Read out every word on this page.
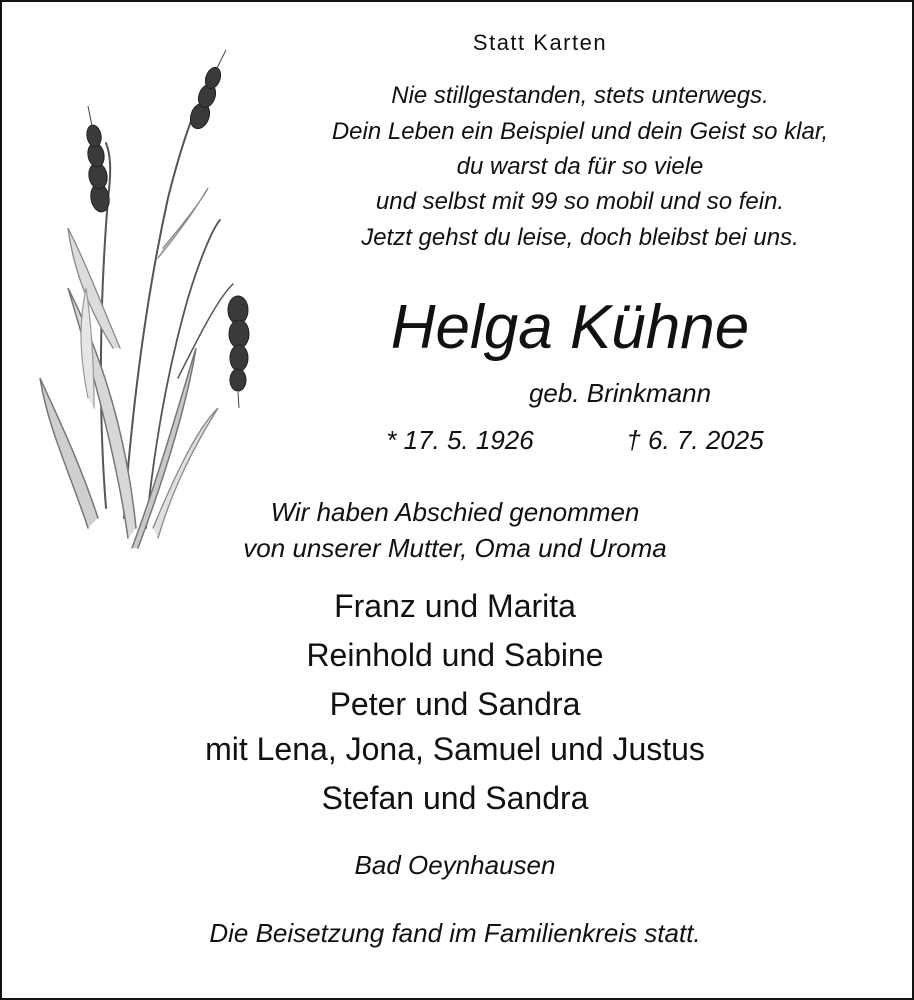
Statt Karten
Nie stillgestanden, stets unterwegs.
Dein Leben ein Beispiel und dein Geist so klar,
du warst da für so viele
und selbst mit 99 so mobil und so fein.
Jetzt gehst du leise, doch bleibst bei uns.
Helga Kühne
geb. Brinkmann
* 17. 5. 1926	† 6. 7. 2025
Wir haben Abschied genommen
von unserer Mutter, Oma und Uroma
Franz und Marita
Reinhold und Sabine
Peter und Sandra
mit Lena, Jona, Samuel und Justus
Stefan und Sandra
Bad Oeynhausen
Die Beisetzung fand im Familienkreis statt.
